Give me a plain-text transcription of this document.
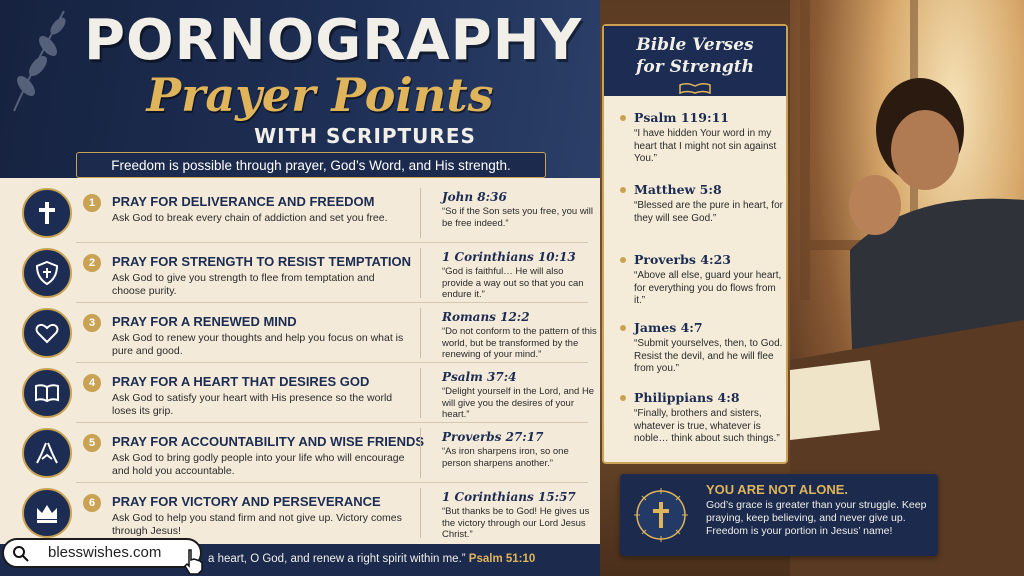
PORNOGRAPHY
Prayer Points
WITH SCRIPTURES
Freedom is possible through prayer, God’s Word, and His strength.
1	PRAY FOR DELIVERANCE AND FREEDOM
Ask God to break every chain of addiction and set you free.
John 8:36
“So if the Son sets you free, you will be free indeed.”
2	PRAY FOR STRENGTH TO RESIST TEMPTATION
Ask God to give you strength to flee from temptation and choose purity.
1 Corinthians 10:13
“God is faithful… He will also provide a way out so that you can endure it.”
3	PRAY FOR A RENEWED MIND
Ask God to renew your thoughts and help you focus on what is pure and good.
Romans 12:2
“Do not conform to the pattern of this world, but be transformed by the renewing of your mind.”
4	PRAY FOR A HEART THAT DESIRES GOD
Ask God to satisfy your heart with His presence so the world loses its grip.
Psalm 37:4
“Delight yourself in the Lord, and He will give you the desires of your heart.”
5	PRAY FOR ACCOUNTABILITY AND WISE FRIENDS
Ask God to bring godly people into your life who will encourage and hold you accountable.
Proverbs 27:17
“As iron sharpens iron, so one person sharpens another.”
6	PRAY FOR VICTORY AND PERSEVERANCE
Ask God to help you stand firm and not give up. Victory comes through Jesus!
1 Corinthians 15:57
“But thanks be to God! He gives us the victory through our Lord Jesus Christ.”
a heart, O God, and renew a right spirit within me.” Psalm 51:10
blesswishes.com
Bible Verses
for Strength
Psalm 119:11
“I have hidden Your word in my heart that I might not sin against You.”
Matthew 5:8
“Blessed are the pure in heart, for they will see God.”
Proverbs 4:23
“Above all else, guard your heart, for everything you do flows from it.”
James 4:7
“Submit yourselves, then, to God. Resist the devil, and he will flee from you.”
Philippians 4:8
“Finally, brothers and sisters, whatever is true, whatever is noble… think about such things.”
YOU ARE NOT ALONE.
God’s grace is greater than your struggle. Keep praying, keep believing, and never give up. Freedom is your portion in Jesus’ name!
